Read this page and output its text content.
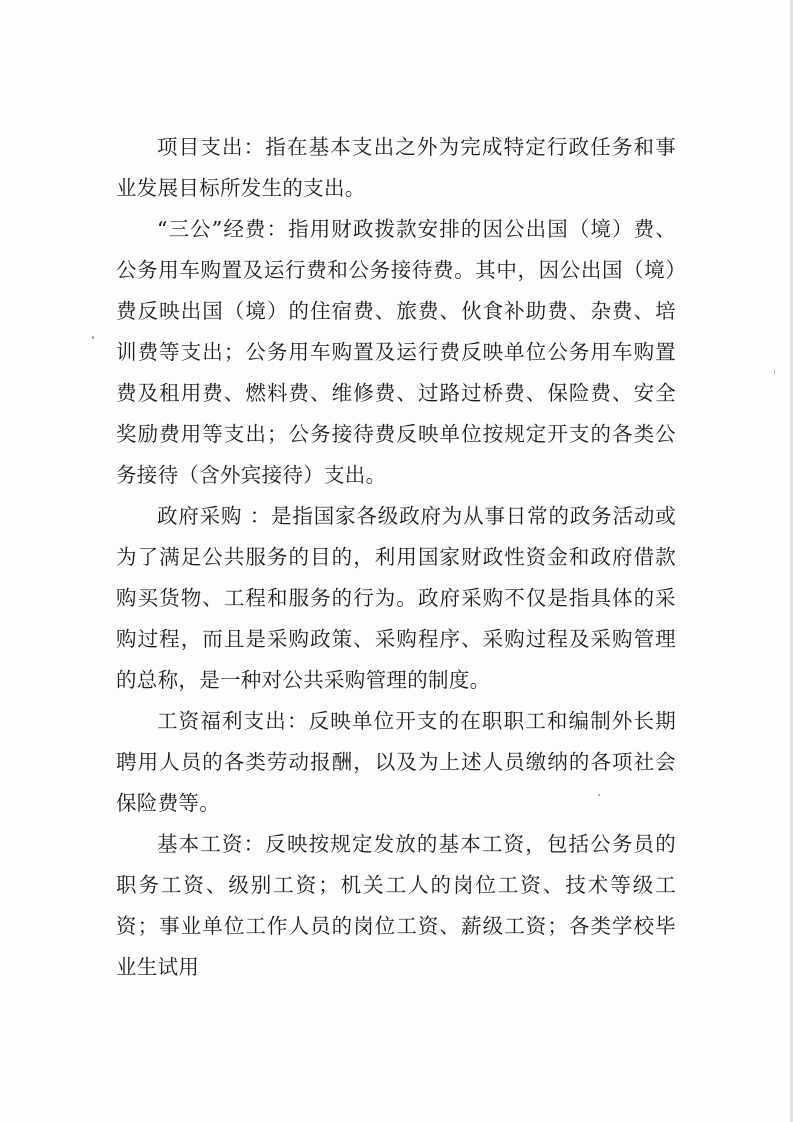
项目支出：指在基本支出之外为完成特定行政任务和事业发展目标所发生的支出。

“三公”经费：指用财政拨款安排的因公出国（境）费、公务用车购置及运行费和公务接待费。其中，因公出国（境）费反映出国（境）的住宿费、旅费、伙食补助费、杂费、培训费等支出；公务用车购置及运行费反映单位公务用车购置费及租用费、燃料费、维修费、过路过桥费、保险费、安全奖励费用等支出；公务接待费反映单位按规定开支的各类公务接待（含外宾接待）支出。

政府采购 ：是指国家各级政府为从事日常的政务活动或为了满足公共服务的目的，利用国家财政性资金和政府借款购买货物、工程和服务的行为。政府采购不仅是指具体的采购过程，而且是采购政策、采购程序、采购过程及采购管理的总称，是一种对公共采购管理的制度。

工资福利支出：反映单位开支的在职职工和编制外长期聘用人员的各类劳动报酬，以及为上述人员缴纳的各项社会保险费等。

基本工资：反映按规定发放的基本工资，包括公务员的职务工资、级别工资；机关工人的岗位工资、技术等级工资；事业单位工作人员的岗位工资、薪级工资；各类学校毕业生试用
